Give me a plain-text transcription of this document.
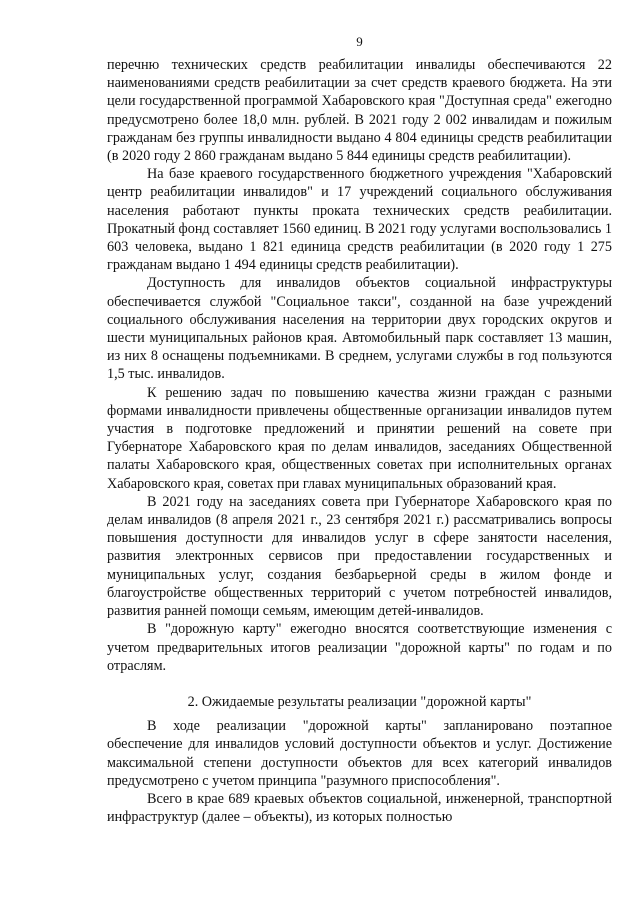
9

перечню технических средств реабилитации инвалиды обеспечиваются 22 наименованиями средств реабилитации за счет средств краевого бюджета. На эти цели государственной программой Хабаровского края "Доступная среда" ежегодно предусмотрено более 18,0 млн. рублей. В 2021 году 2 002 инвалидам и пожилым гражданам без группы инвалидности выдано 4 804 единицы средств реабилитации (в 2020 году 2 860 гражданам выдано 5 844 единицы средств реабилитации).

На базе краевого государственного бюджетного учреждения "Хабаровский центр реабилитации инвалидов" и 17 учреждений социального обслуживания населения работают пункты проката технических средств реабилитации. Прокатный фонд составляет 1560 единиц. В 2021 году услугами воспользовались 1 603 человека, выдано 1 821 единица средств реабилитации (в 2020 году 1 275 гражданам выдано 1 494 единицы средств реабилитации).

Доступность для инвалидов объектов социальной инфраструктуры обеспечивается службой "Социальное такси", созданной на базе учреждений социального обслуживания населения на территории двух городских округов и шести муниципальных районов края. Автомобильный парк составляет 13 машин, из них 8 оснащены подъемниками. В среднем, услугами службы в год пользуются 1,5 тыс. инвалидов.

К решению задач по повышению качества жизни граждан с разными формами инвалидности привлечены общественные организации инвалидов путем участия в подготовке предложений и принятии решений на совете при Губернаторе Хабаровского края по делам инвалидов, заседаниях Общественной палаты Хабаровского края, общественных советах при исполнительных органах Хабаровского края, советах при главах муниципальных образований края.

В 2021 году на заседаниях совета при Губернаторе Хабаровского края по делам инвалидов (8 апреля 2021 г., 23 сентября 2021 г.) рассматривались вопросы повышения доступности для инвалидов услуг в сфере занятости населения, развития электронных сервисов при предоставлении государственных и муниципальных услуг, создания безбарьерной среды в жилом фонде и благоустройстве общественных территорий с учетом потребностей инвалидов, развития ранней помощи семьям, имеющим детей-инвалидов.

В "дорожную карту" ежегодно вносятся соответствующие изменения с учетом предварительных итогов реализации "дорожной карты" по годам и по отраслям.

2. Ожидаемые результаты реализации "дорожной карты"

В ходе реализации "дорожной карты" запланировано поэтапное обеспечение для инвалидов условий доступности объектов и услуг. Достижение максимальной степени доступности объектов для всех категорий инвалидов предусмотрено с учетом принципа "разумного приспособления".

Всего в крае 689 краевых объектов социальной, инженерной, транспортной инфраструктур (далее – объекты), из которых полностью
